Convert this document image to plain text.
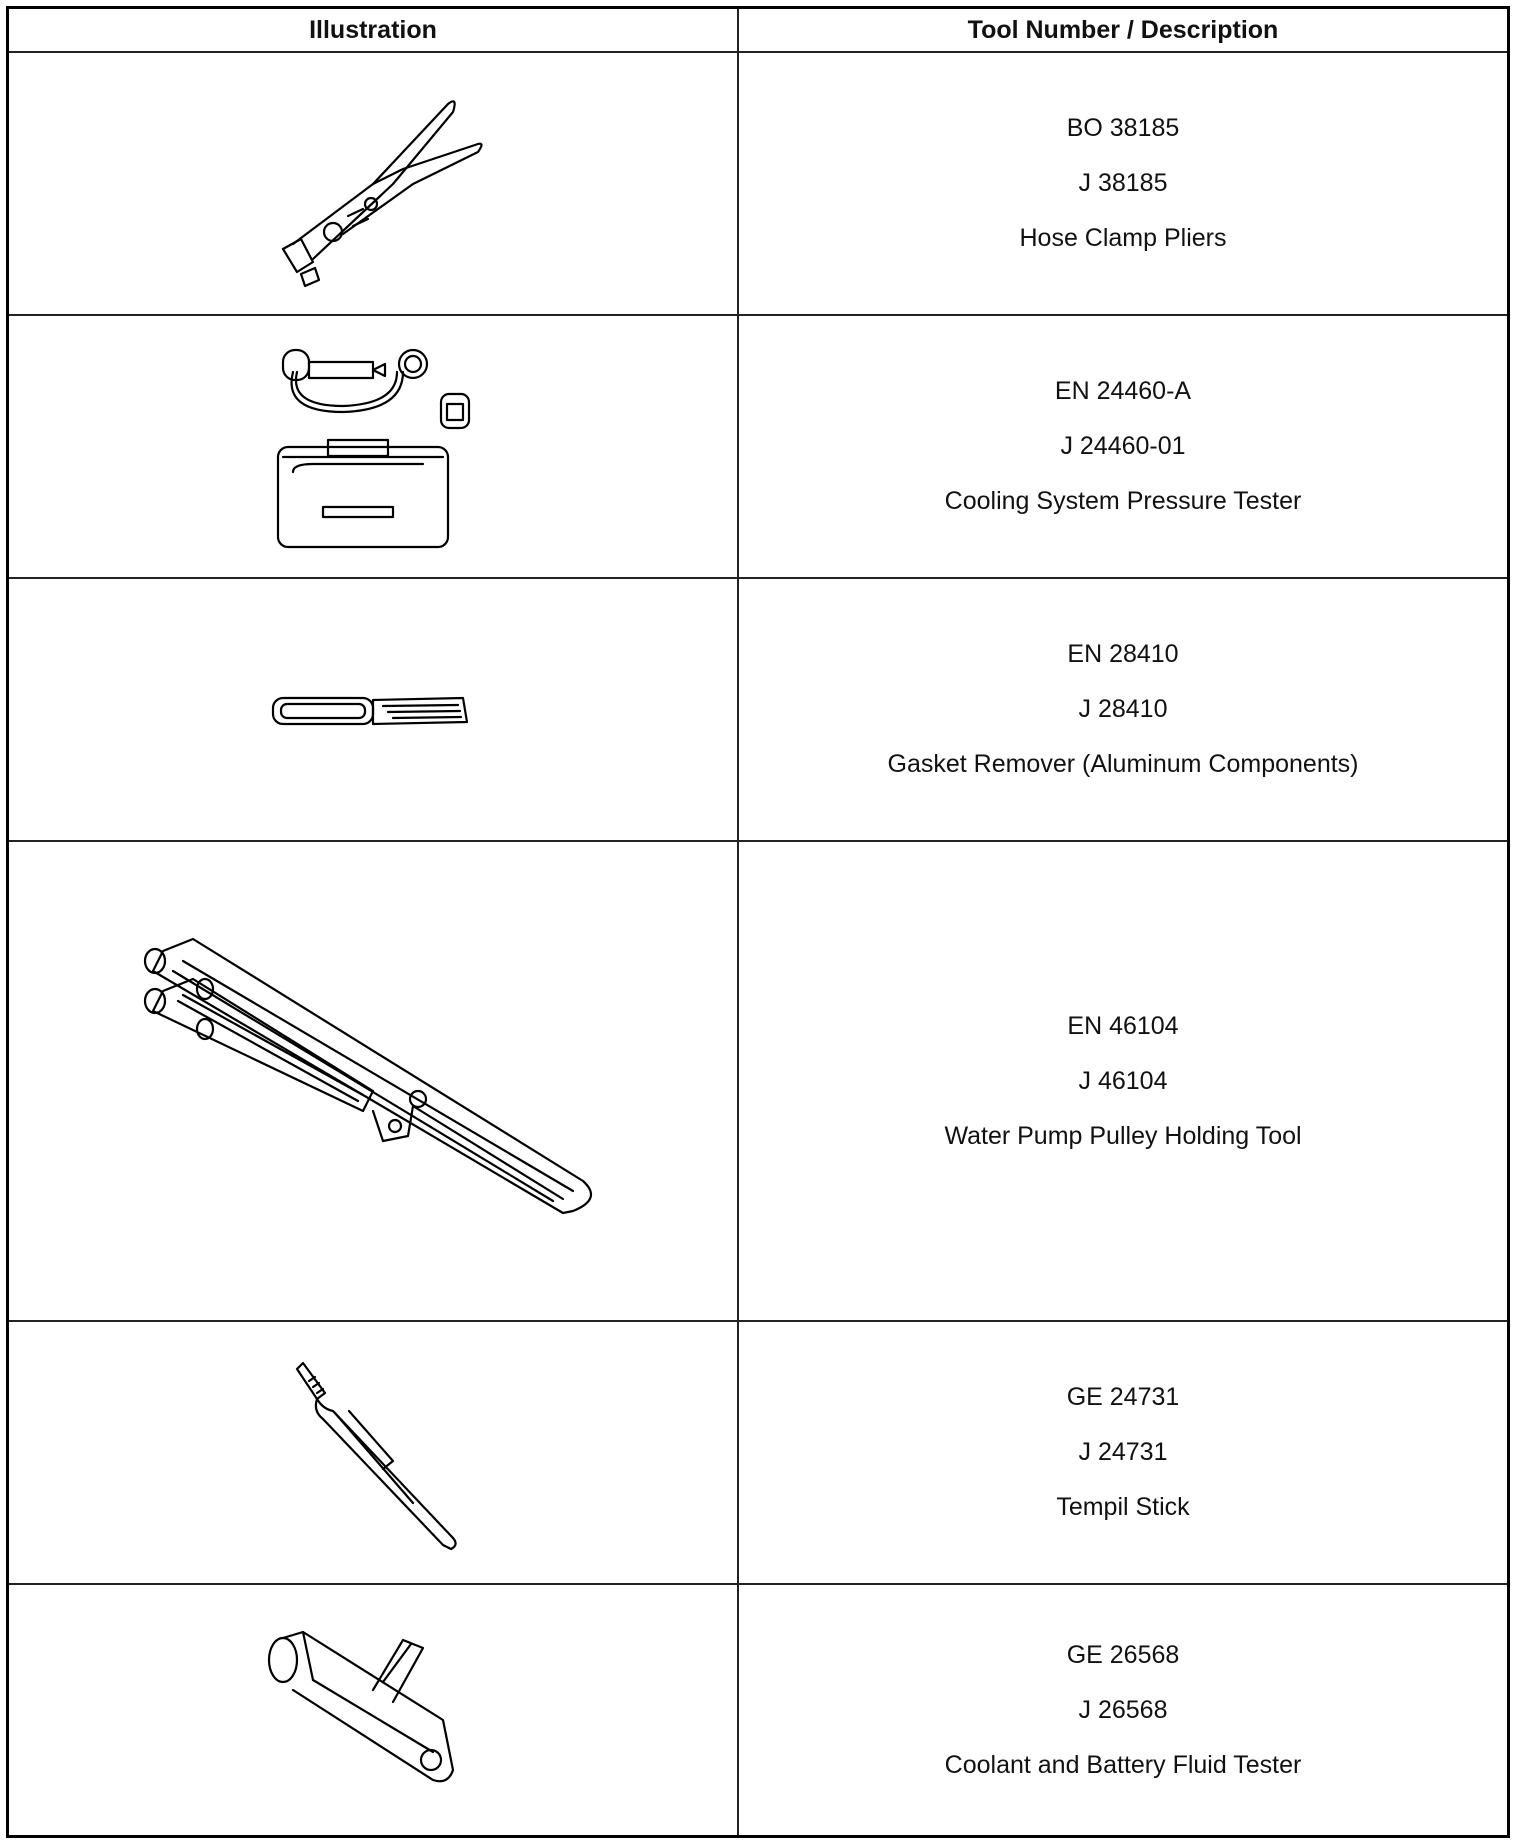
Illustration	Tool Number / Description
BO 38185
J 38185
Hose Clamp Pliers
EN 24460-A
J 24460-01
Cooling System Pressure Tester
EN 28410
J 28410
Gasket Remover (Aluminum Components)
EN 46104
J 46104
Water Pump Pulley Holding Tool
GE 24731
J 24731
Tempil Stick
GE 26568
J 26568
Coolant and Battery Fluid Tester
